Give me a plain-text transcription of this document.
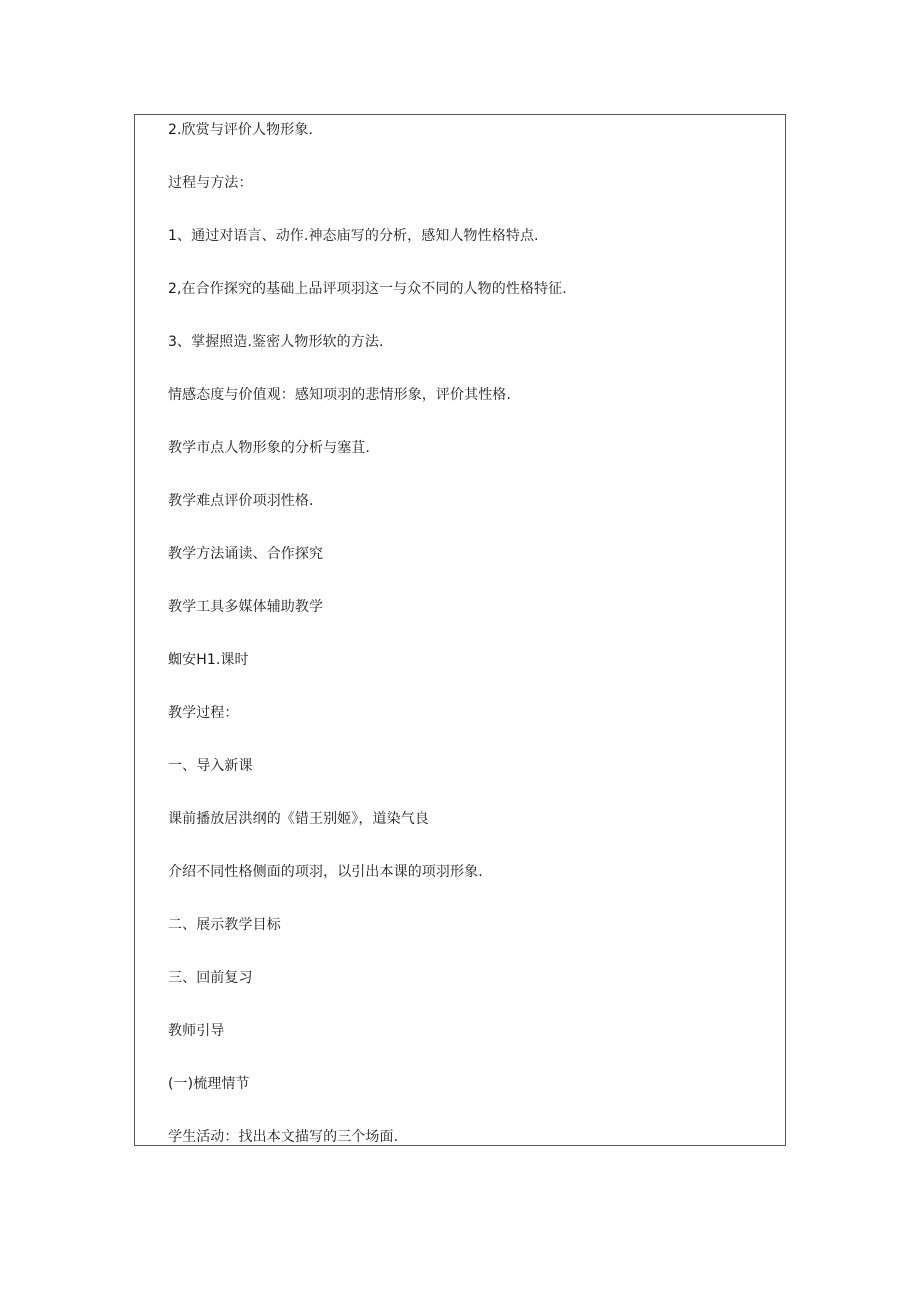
2.欣赏与评价人物形象.
过程与方法：
1、通过对语言、动作.神态庙写的分析，感知人物性格特点.
2,在合作探究的基础上品评项羽这一与众不同的人物的性格特征.
3、掌握照造.鉴密人物形软的方法.
情感态度与价值观：感知项羽的悲情形象，评价其性格.
教学市点人物形象的分析与塞苴.
教学难点评价项羽性格.
教学方法诵读、合作探究
教学工具多媒体辅助教学
蜘安H1.课时
教学过程：
一、导入新课
课前播放居洪纲的《错王别姬》，道染气良
介绍不同性格侧面的项羽，以引出本课的项羽形象.
二、展示教学目标
三、回前复习
教师引导
(一)梳理情节
学生活动：找出本文描写的三个场面.
